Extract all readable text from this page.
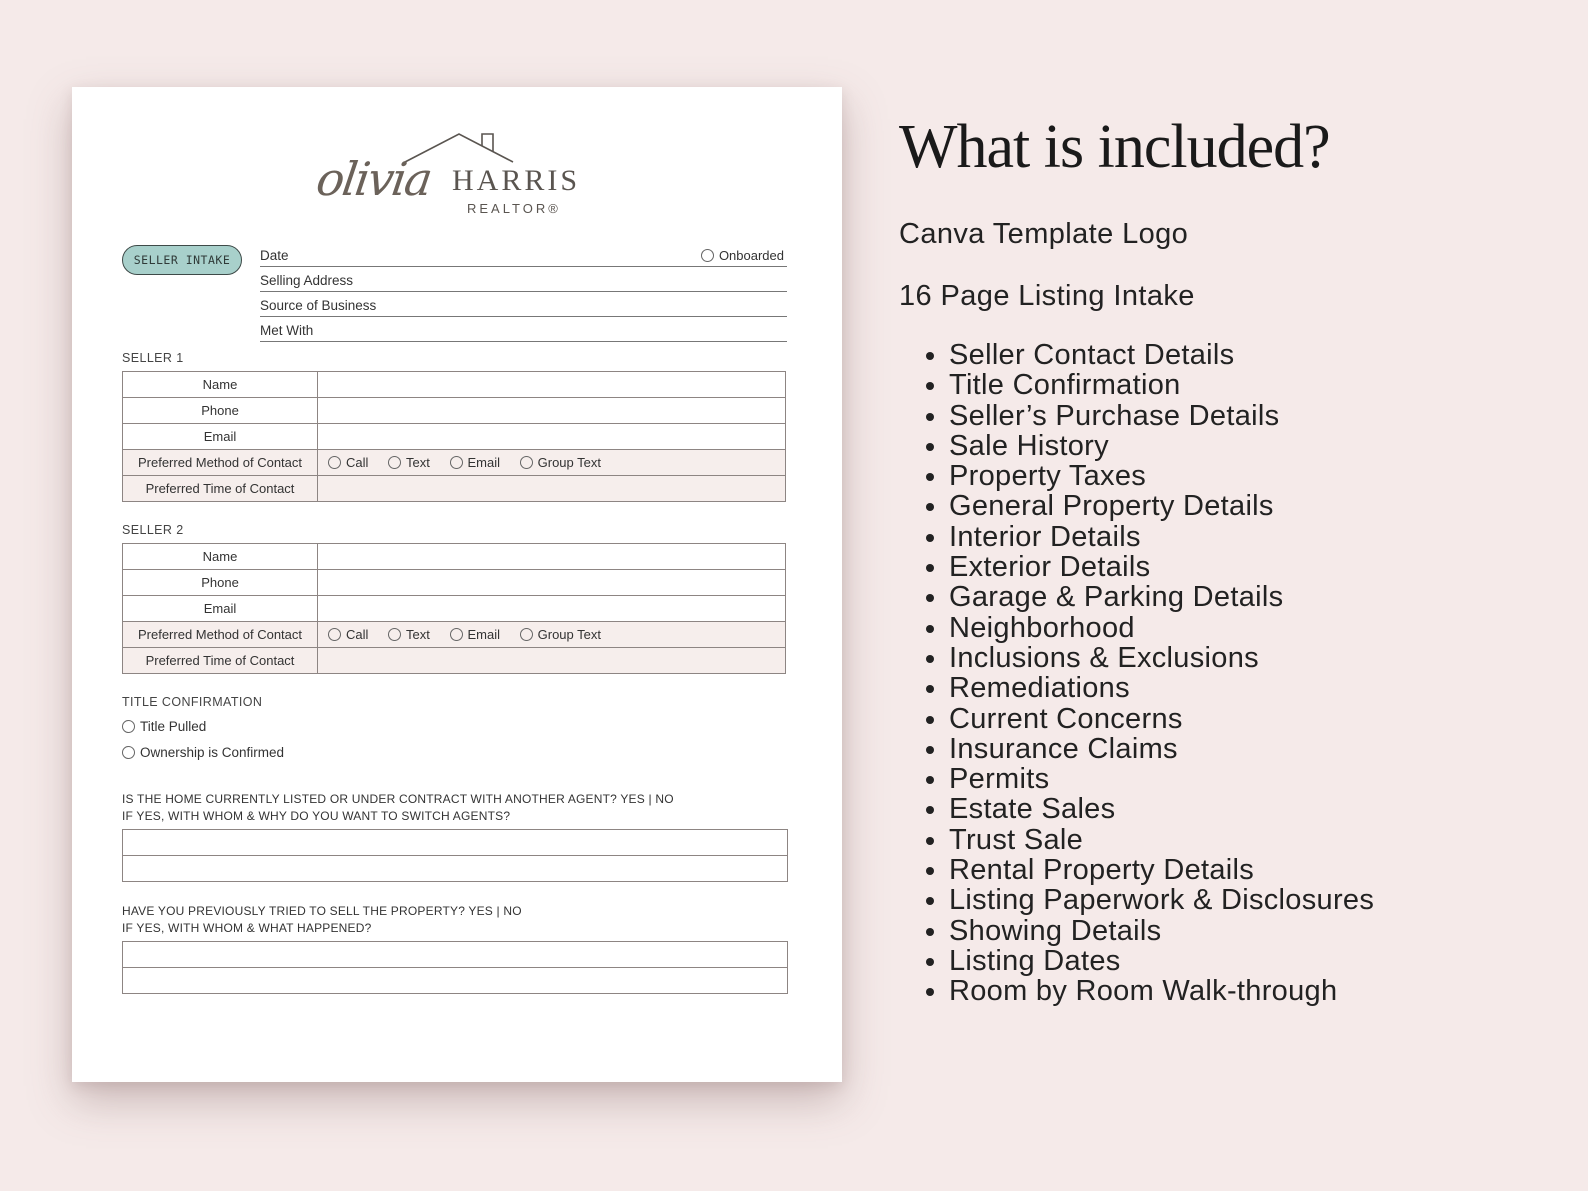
olivia HARRIS
REALTOR®
SELLER INTAKE	Onboarded
Date
Selling Address
Source of Business
Met With
SELLER 1
Name	
Phone	
Email	
Preferred Method of Contact	Call Text Email Group Text
Preferred Time of Contact	
SELLER 2
Name	
Phone	
Email	
Preferred Method of Contact	Call Text Email Group Text
Preferred Time of Contact	
TITLE CONFIRMATION
Title Pulled
Ownership is Confirmed
IS THE HOME CURRENTLY LISTED OR UNDER CONTRACT WITH ANOTHER AGENT? YES | NO
IF YES, WITH WHOM & WHY DO YOU WANT TO SWITCH AGENTS?
HAVE YOU PREVIOUSLY TRIED TO SELL THE PROPERTY? YES | NO
IF YES, WITH WHOM & WHAT HAPPENED?
What is included?
Canva Template Logo
16 Page Listing Intake
• Seller Contact Details
• Title Confirmation
• Seller’s Purchase Details
• Sale History
• Property Taxes
• General Property Details
• Interior Details
• Exterior Details
• Garage & Parking Details
• Neighborhood
• Inclusions & Exclusions
• Remediations
• Current Concerns
• Insurance Claims
• Permits
• Estate Sales
• Trust Sale
• Rental Property Details
• Listing Paperwork & Disclosures
• Showing Details
• Listing Dates
• Room by Room Walk-through
